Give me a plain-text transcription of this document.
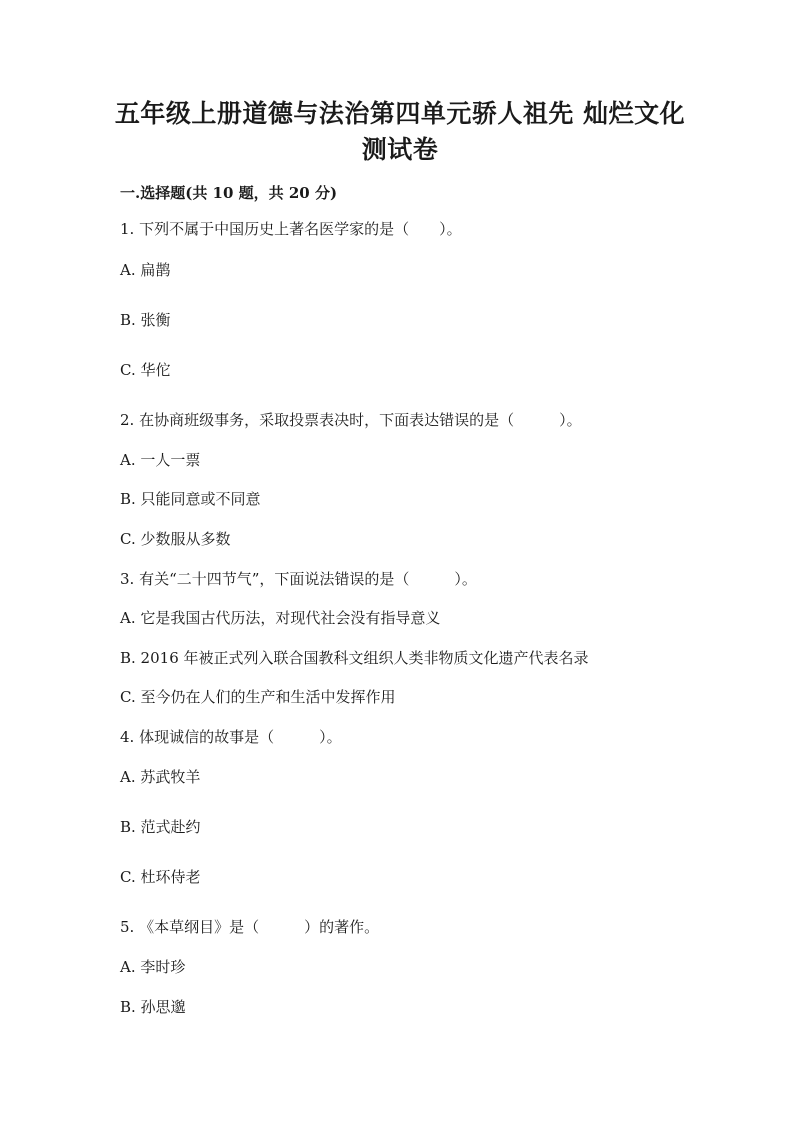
五年级上册道德与法治第四单元骄人祖先 灿烂文化
测试卷
一.选择题(共 10 题，共 20 分)
1. 下列不属于中国历史上著名医学家的是（　　）。
A. 扁鹊
B. 张衡
C. 华佗
2. 在协商班级事务，采取投票表决时，下面表达错误的是（　　　）。
A. 一人一票
B. 只能同意或不同意
C. 少数服从多数
3. 有关“二十四节气”，下面说法错误的是（　　　）。
A. 它是我国古代历法，对现代社会没有指导意义
B. 2016 年被正式列入联合国教科文组织人类非物质文化遗产代表名录
C. 至今仍在人们的生产和生活中发挥作用
4. 体现诚信的故事是（　　　）。
A. 苏武牧羊
B. 范式赴约
C. 杜环侍老
5. 《本草纲目》是（　　　）的著作。
A. 李时珍
B. 孙思邈
